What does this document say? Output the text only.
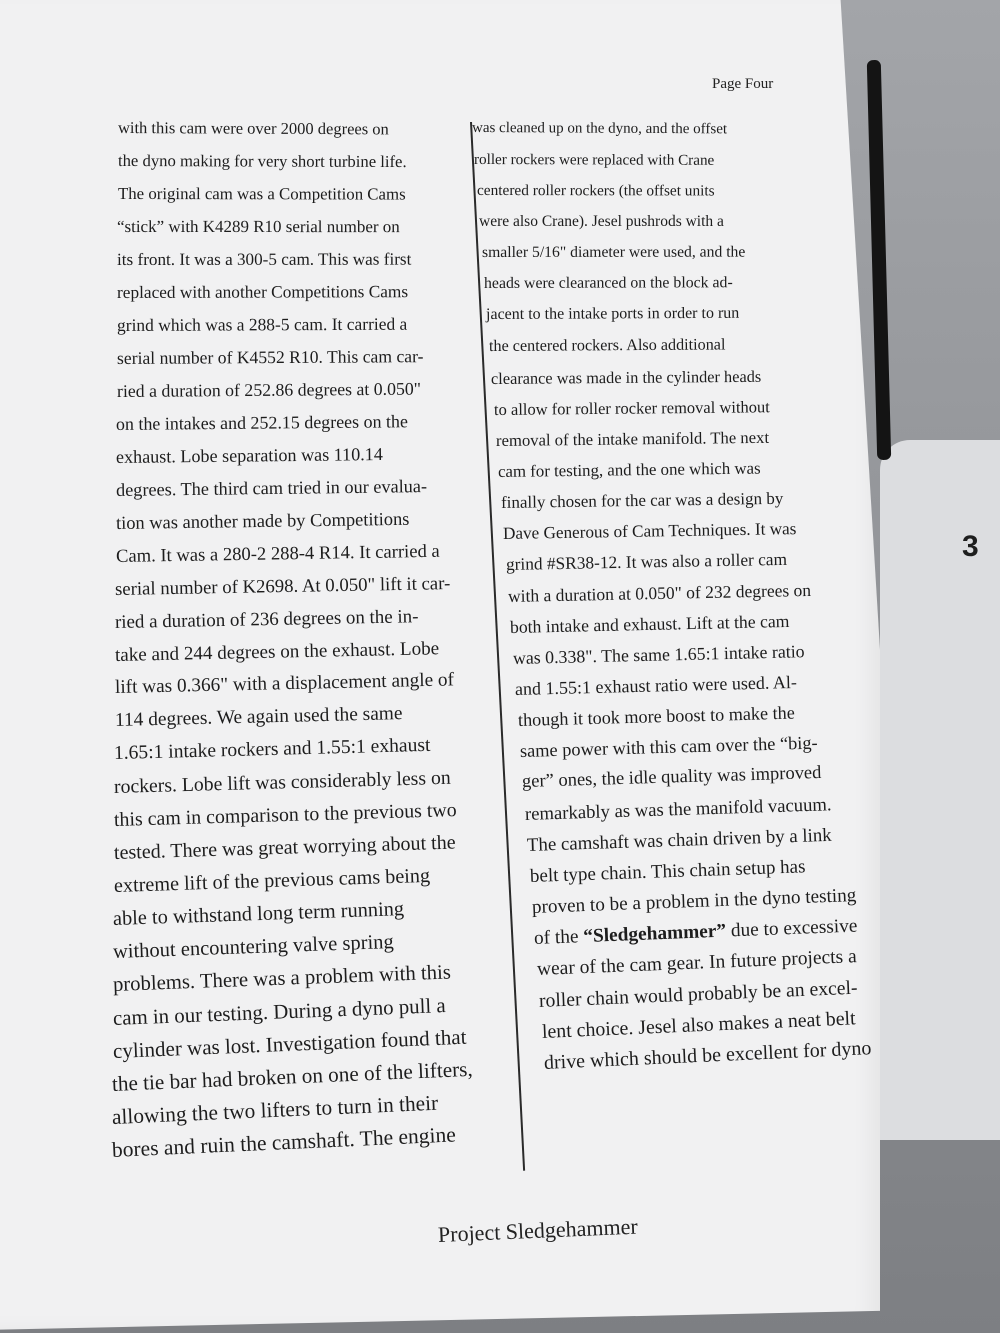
3
Page Four
with this cam were over 2000 degrees on
the dyno making for very short turbine life.
The original cam was a Competition Cams
“stick” with K4289 R10 serial number on
its front. It was a 300-5 cam. This was first
replaced with another Competitions Cams
grind which was a 288-5 cam. It carried a
serial number of K4552 R10. This cam car-
ried a duration of 252.86 degrees at 0.050"
on the intakes and 252.15 degrees on the
exhaust. Lobe separation was 110.14
degrees. The third cam tried in our evalua-
tion was another made by Competitions
Cam. It was a 280-2 288-4 R14. It carried a
serial number of K2698. At 0.050" lift it car-
ried a duration of 236 degrees on the in-
take and 244 degrees on the exhaust. Lobe
lift was 0.366" with a displacement angle of
114 degrees. We again used the same
1.65:1 intake rockers and 1.55:1 exhaust
rockers. Lobe lift was considerably less on
this cam in comparison to the previous two
tested. There was great worrying about the
extreme lift of the previous cams being
able to withstand long term running
without encountering valve spring
problems. There was a problem with this
cam in our testing. During a dyno pull a
cylinder was lost. Investigation found that
the tie bar had broken on one of the lifters,
allowing the two lifters to turn in their
bores and ruin the camshaft. The engine
was cleaned up on the dyno, and the offset
roller rockers were replaced with Crane
centered roller rockers (the offset units
were also Crane). Jesel pushrods with a
smaller 5/16" diameter were used, and the
heads were clearanced on the block ad-
jacent to the intake ports in order to run
the centered rockers. Also additional
clearance was made in the cylinder heads
to allow for roller rocker removal without
removal of the intake manifold. The next
cam for testing, and the one which was
finally chosen for the car was a design by
Dave Generous of Cam Techniques. It was
grind #SR38-12. It was also a roller cam
with a duration at 0.050" of 232 degrees on
both intake and exhaust. Lift at the cam
was 0.338". The same 1.65:1 intake ratio
and 1.55:1 exhaust ratio were used. Al-
though it took more boost to make the
same power with this cam over the “big-
ger” ones, the idle quality was improved
remarkably as was the manifold vacuum.
The camshaft was chain driven by a link
belt type chain. This chain setup has
proven to be a problem in the dyno testing
of the “Sledgehammer” due to excessive
wear of the cam gear. In future projects a
roller chain would probably be an excel-
lent choice. Jesel also makes a neat belt
drive which should be excellent for dyno
Project Sledgehammer
